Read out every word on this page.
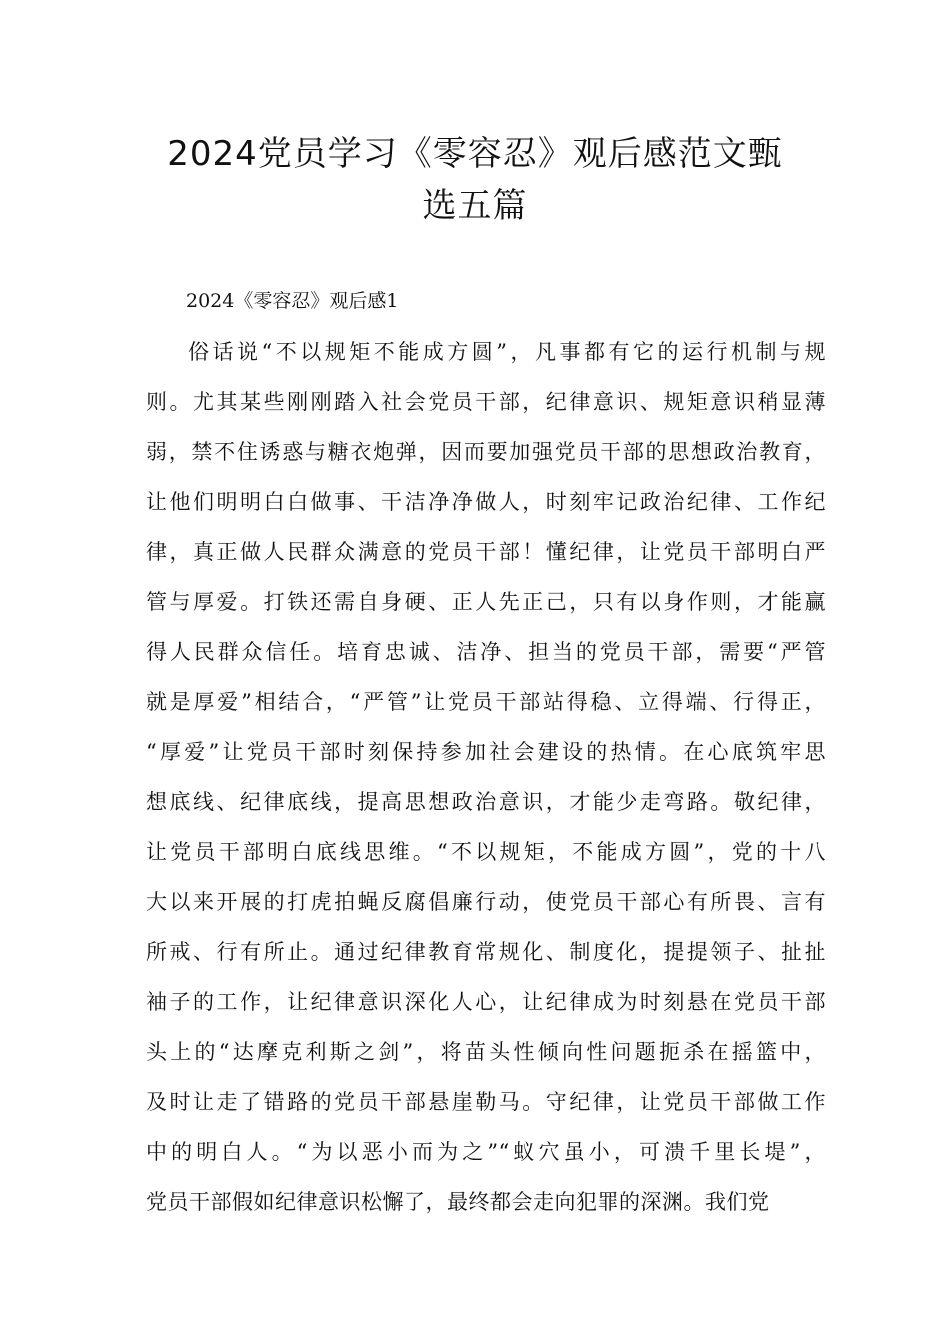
2024党员学习《零容忍》观后感范文甄
选五篇
2024《零容忍》观后感1
俗话说“不以规矩不能成方圆”，凡事都有它的运行机制与规
则。尤其某些刚刚踏入社会党员干部，纪律意识、规矩意识稍显薄
弱，禁不住诱惑与糖衣炮弹，因而要加强党员干部的思想政治教育，
让他们明明白白做事、干洁净净做人，时刻牢记政治纪律、工作纪
律，真正做人民群众满意的党员干部！懂纪律，让党员干部明白严
管与厚爱。打铁还需自身硬、正人先正己，只有以身作则，才能赢
得人民群众信任。培育忠诚、洁净、担当的党员干部，需要“严管
就是厚爱”相结合，“严管”让党员干部站得稳、立得端、行得正，
“厚爱”让党员干部时刻保持参加社会建设的热情。在心底筑牢思
想底线、纪律底线，提高思想政治意识，才能少走弯路。敬纪律，
让党员干部明白底线思维。“不以规矩，不能成方圆”，党的十八
大以来开展的打虎拍蝇反腐倡廉行动，使党员干部心有所畏、言有
所戒、行有所止。通过纪律教育常规化、制度化，提提领子、扯扯
袖子的工作，让纪律意识深化人心，让纪律成为时刻悬在党员干部
头上的“达摩克利斯之剑”，将苗头性倾向性问题扼杀在摇篮中，
及时让走了错路的党员干部悬崖勒马。守纪律，让党员干部做工作
中的明白人。“为以恶小而为之”“蚁穴虽小，可溃千里长堤”，
党员干部假如纪律意识松懈了，最终都会走向犯罪的深渊。我们党
